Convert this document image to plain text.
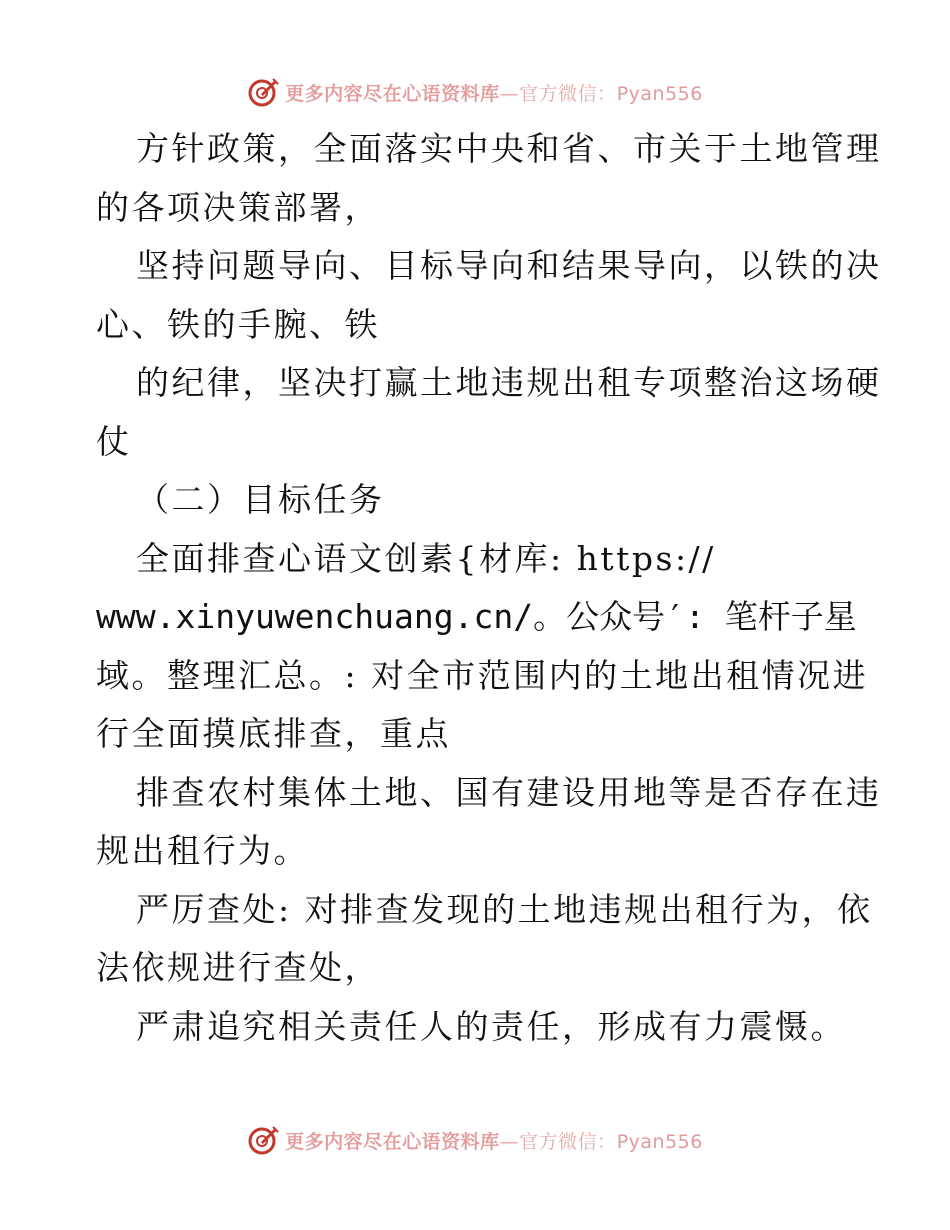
更多内容尽在心语资料库—官方微信：Pyan556
方针政策，全面落实中央和省、市关于土地管理
的各项决策部署，
坚持问题导向、目标导向和结果导向，以铁的决
心、铁的手腕、铁
的纪律，坚决打赢土地违规出租专项整治这场硬
仗
（二）目标任务
全面排查心语文创素{材库: https://
www.xinyuwenchuang.cn/。公众号′: 笔杆子星
域。整理汇总。: 对全市范围内的土地出租情况进
行全面摸底排查，重点
排查农村集体土地、国有建设用地等是否存在违
规出租行为。
严厉查处: 对排查发现的土地违规出租行为，依
法依规进行查处，
严肃追究相关责任人的责任，形成有力震慑。
更多内容尽在心语资料库—官方微信：Pyan556
